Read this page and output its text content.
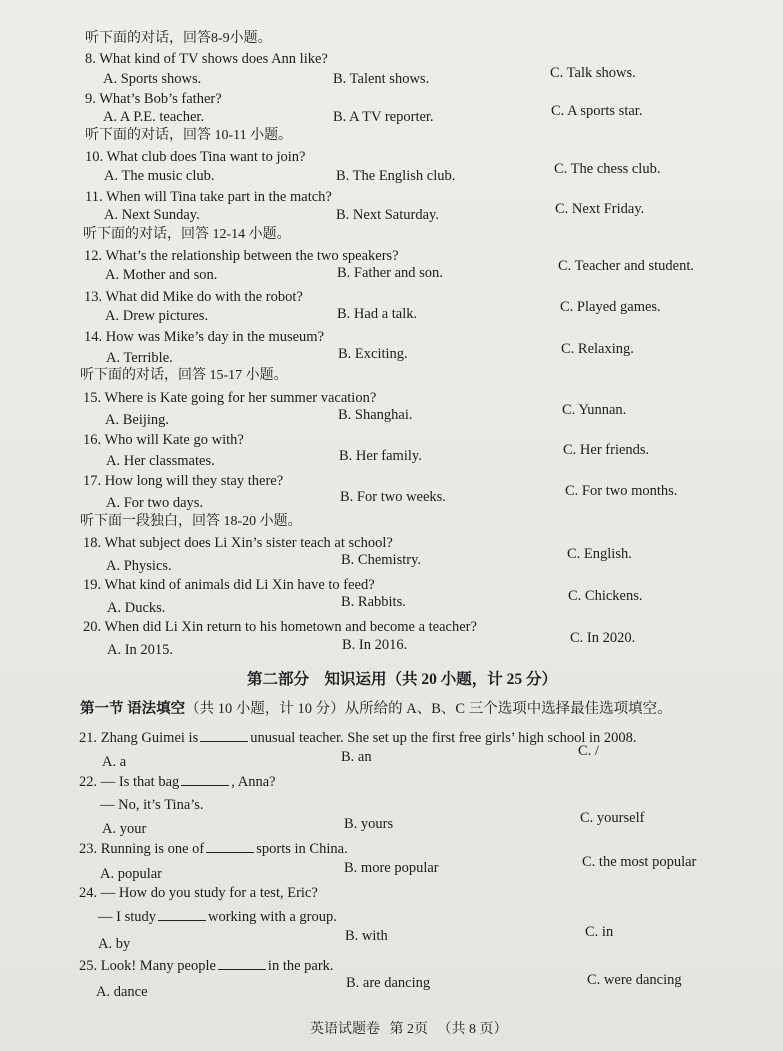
听下面的对话，回答8-9小题。
8. What kind of TV shows does Ann like?
A. Sports shows.	B. Talent shows.	C. Talk shows.
9. What’s Bob’s father?
A. A P.E. teacher.	B. A TV reporter.	C. A sports star.
听下面的对话，回答 10-11 小题。
10. What club does Tina want to join?
A. The music club.	B. The English club.	C. The chess club.
11. When will Tina take part in the match?
A. Next Sunday.	B. Next Saturday.	C. Next Friday.
听下面的对话，回答 12-14 小题。
12. What’s the relationship between the two speakers?
A. Mother and son.	B. Father and son.	C. Teacher and student.
13. What did Mike do with the robot?
A. Drew pictures.	B. Had a talk.	C. Played games.
14. How was Mike’s day in the museum?
A. Terrible.	B. Exciting.	C. Relaxing.
听下面的对话，回答 15-17 小题。
15. Where is Kate going for her summer vacation?
A. Beijing.	B. Shanghai.	C. Yunnan.
16. Who will Kate go with?
A. Her classmates.	B. Her family.	C. Her friends.
17. How long will they stay there?
A. For two days.	B. For two weeks.	C. For two months.
听下面一段独白，回答 18-20 小题。
18. What subject does Li Xin’s sister teach at school?
A. Physics.	B. Chemistry.	C. English.
19. What kind of animals did Li Xin have to feed?
A. Ducks.	B. Rabbits.	C. Chickens.
20. When did Li Xin return to his hometown and become a teacher?
A. In 2015.	B. In 2016.	C. In 2020.
第二部分　知识运用（共 20 小题，计 25 分）
第一节 语法填空（共 10 小题，计 10 分）从所给的 A、B、C 三个选项中选择最佳选项填空。
21. Zhang Guimei is	unusual teacher. She set up the first free girls’ high school in 2008.
A. a	B. an	C. /
22. — Is that bag	, Anna?
— No, it’s Tina’s.
A. your	B. yours	C. yourself
23. Running is one of	sports in China.
A. popular	B. more popular	C. the most popular
24. — How do you study for a test, Eric?
— I study	working with a group.
A. by	B. with	C. in
25. Look! Many people	in the park.
A. dance
B. are dancing	C. were dancing
英语试题卷 第 2页 （共 8 页）
